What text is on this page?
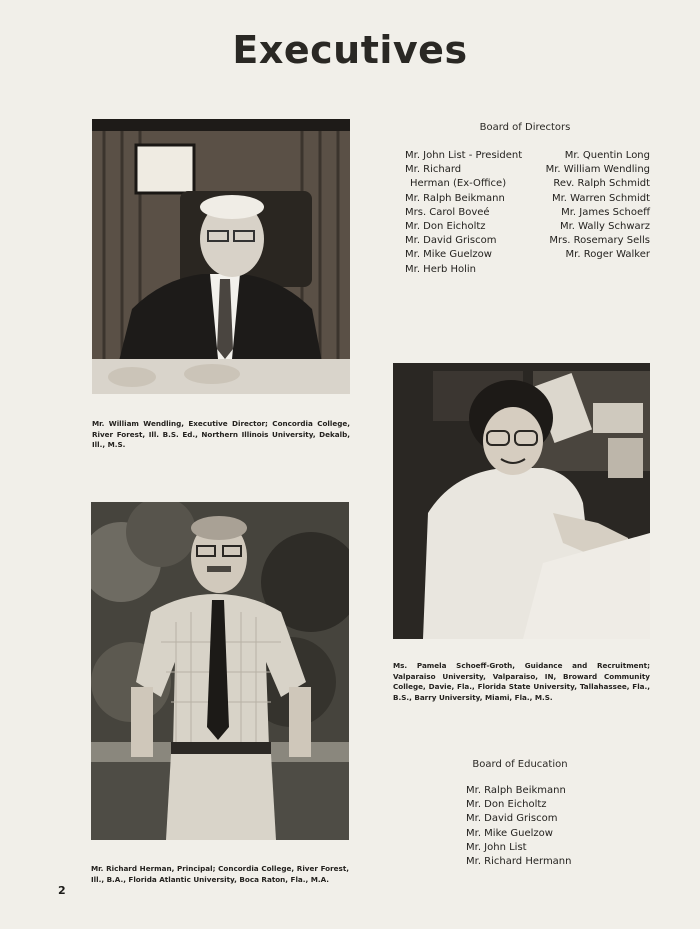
Executives
Mr. William Wendling, Executive Director; Concordia College, River Forest, Ill. B.S. Ed., Northern Illinois University, Dekalb, Ill., M.S.
Board of Directors
Mr. John List - President
Mr. Richard
Herman (Ex-Office)
Mr. Ralph Beikmann
Mrs. Carol Boveé
Mr. Don Eicholtz
Mr. David Griscom
Mr. Mike Guelzow
Mr. Herb Holin
Mr. Quentin Long
Mr. William Wendling
Rev. Ralph Schmidt
Mr. Warren Schmidt
Mr. James Schoeff
Mr. Wally Schwarz
Mrs. Rosemary Sells
Mr. Roger Walker
Ms. Pamela Schoeff-Groth, Guidance and Recruitment; Valparaiso University, Valparaiso, IN, Broward Community College, Davie, Fla., Florida State University, Tallahassee, Fla., B.S., Barry University, Miami, Fla., M.S.
Mr. Richard Herman, Principal; Concordia College, River Forest, Ill., B.A., Florida Atlantic University, Boca Raton, Fla., M.A.
Board of Education
Mr. Ralph Beikmann
Mr. Don Eicholtz
Mr. David Griscom
Mr. Mike Guelzow
Mr. John List
Mr. Richard Hermann
2
